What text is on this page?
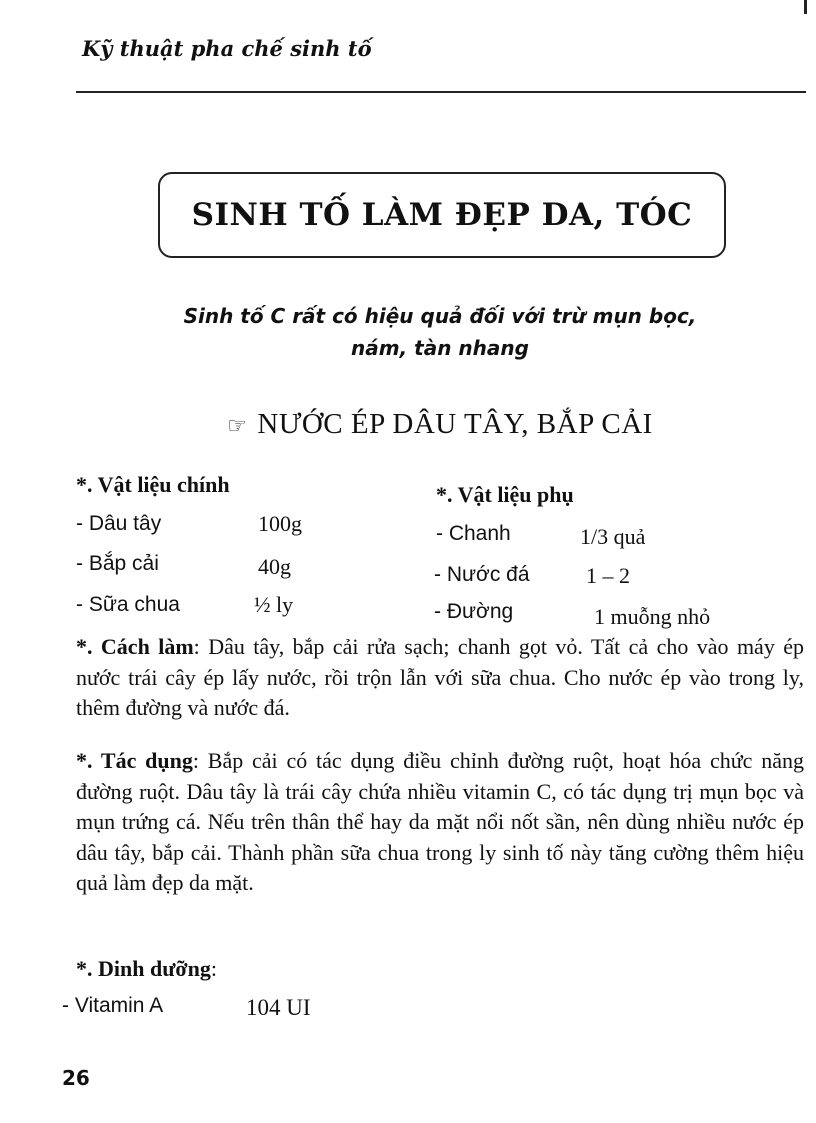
Kỹ thuật pha chế sinh tố
SINH TỐ LÀM ĐẸP DA, TÓC
Sinh tố C rất có hiệu quả đối với trừ mụn bọc,
nám, tàn nhang
☞ NƯỚC ÉP DÂU TÂY, BẮP CẢI
*. Vật liệu chính
- Dâu tây	100g
- Bắp cải	40g
- Sữa chua	½ ly
*. Vật liệu phụ
- Chanh	1/3 quả
- Nước đá	1 – 2
- Đường	1 muỗng nhỏ
*. Cách làm: Dâu tây, bắp cải rửa sạch; chanh gọt vỏ. Tất cả cho vào máy ép nước trái cây ép lấy nước, rồi trộn lẫn với sữa chua. Cho nước ép vào trong ly, thêm đường và nước đá.
*. Tác dụng: Bắp cải có tác dụng điều chỉnh đường ruột, hoạt hóa chức năng đường ruột. Dâu tây là trái cây chứa nhiều vitamin C, có tác dụng trị mụn bọc và mụn trứng cá. Nếu trên thân thể hay da mặt nổi nốt sần, nên dùng nhiều nước ép dâu tây, bắp cải. Thành phần sữa chua trong ly sinh tố này tăng cường thêm hiệu quả làm đẹp da mặt.
*. Dinh dưỡng:
- Vitamin A	104 UI
26
